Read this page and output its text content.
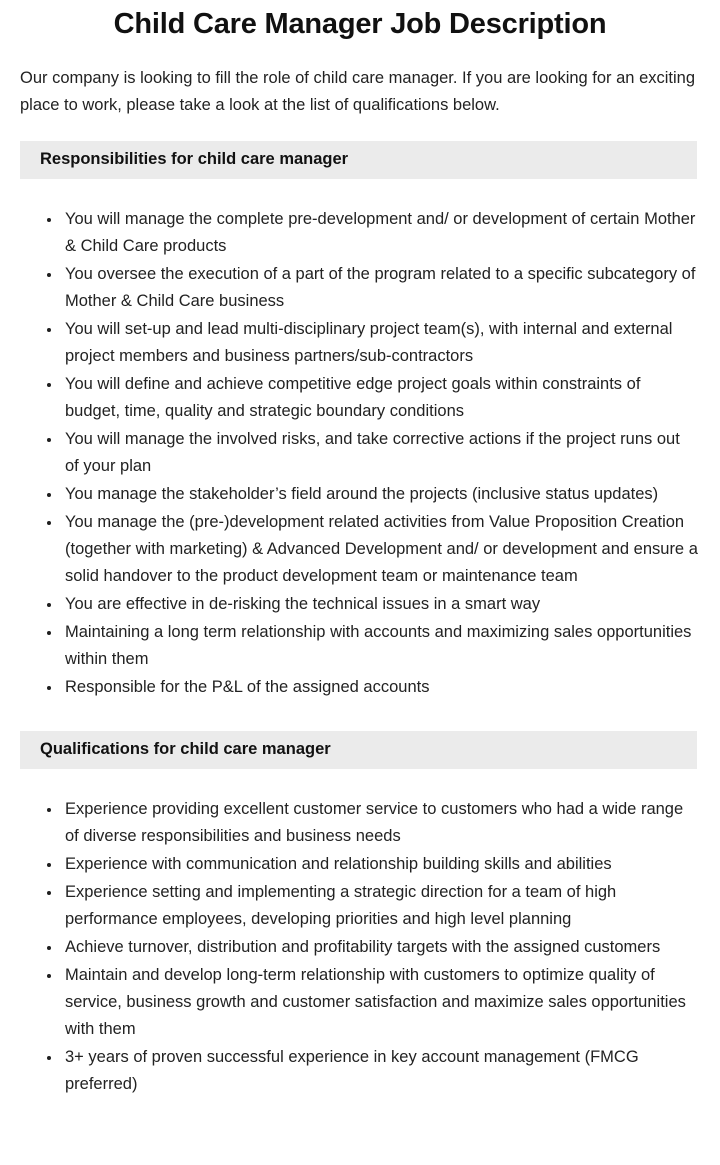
Child Care Manager Job Description

Our company is looking to fill the role of child care manager. If you are looking for an exciting place to work, please take a look at the list of qualifications below.

Responsibilities for child care manager
• You will manage the complete pre-development and/ or development of certain Mother & Child Care products
• You oversee the execution of a part of the program related to a specific subcategory of Mother & Child Care business
• You will set-up and lead multi-disciplinary project team(s), with internal and external project members and business partners/sub-contractors
• You will define and achieve competitive edge project goals within constraints of budget, time, quality and strategic boundary conditions
• You will manage the involved risks, and take corrective actions if the project runs out of your plan
• You manage the stakeholder’s field around the projects (inclusive status updates)
• You manage the (pre-)development related activities from Value Proposition Creation (together with marketing) & Advanced Development and/ or development and ensure a solid handover to the product development team or maintenance team
• You are effective in de-risking the technical issues in a smart way
• Maintaining a long term relationship with accounts and maximizing sales opportunities within them
• Responsible for the P&L of the assigned accounts
Qualifications for child care manager
• Experience providing excellent customer service to customers who had a wide range of diverse responsibilities and business needs
• Experience with communication and relationship building skills and abilities
• Experience setting and implementing a strategic direction for a team of high performance employees, developing priorities and high level planning
• Achieve turnover, distribution and profitability targets with the assigned customers
• Maintain and develop long-term relationship with customers to optimize quality of service, business growth and customer satisfaction and maximize sales opportunities with them
• 3+ years of proven successful experience in key account management (FMCG preferred)
